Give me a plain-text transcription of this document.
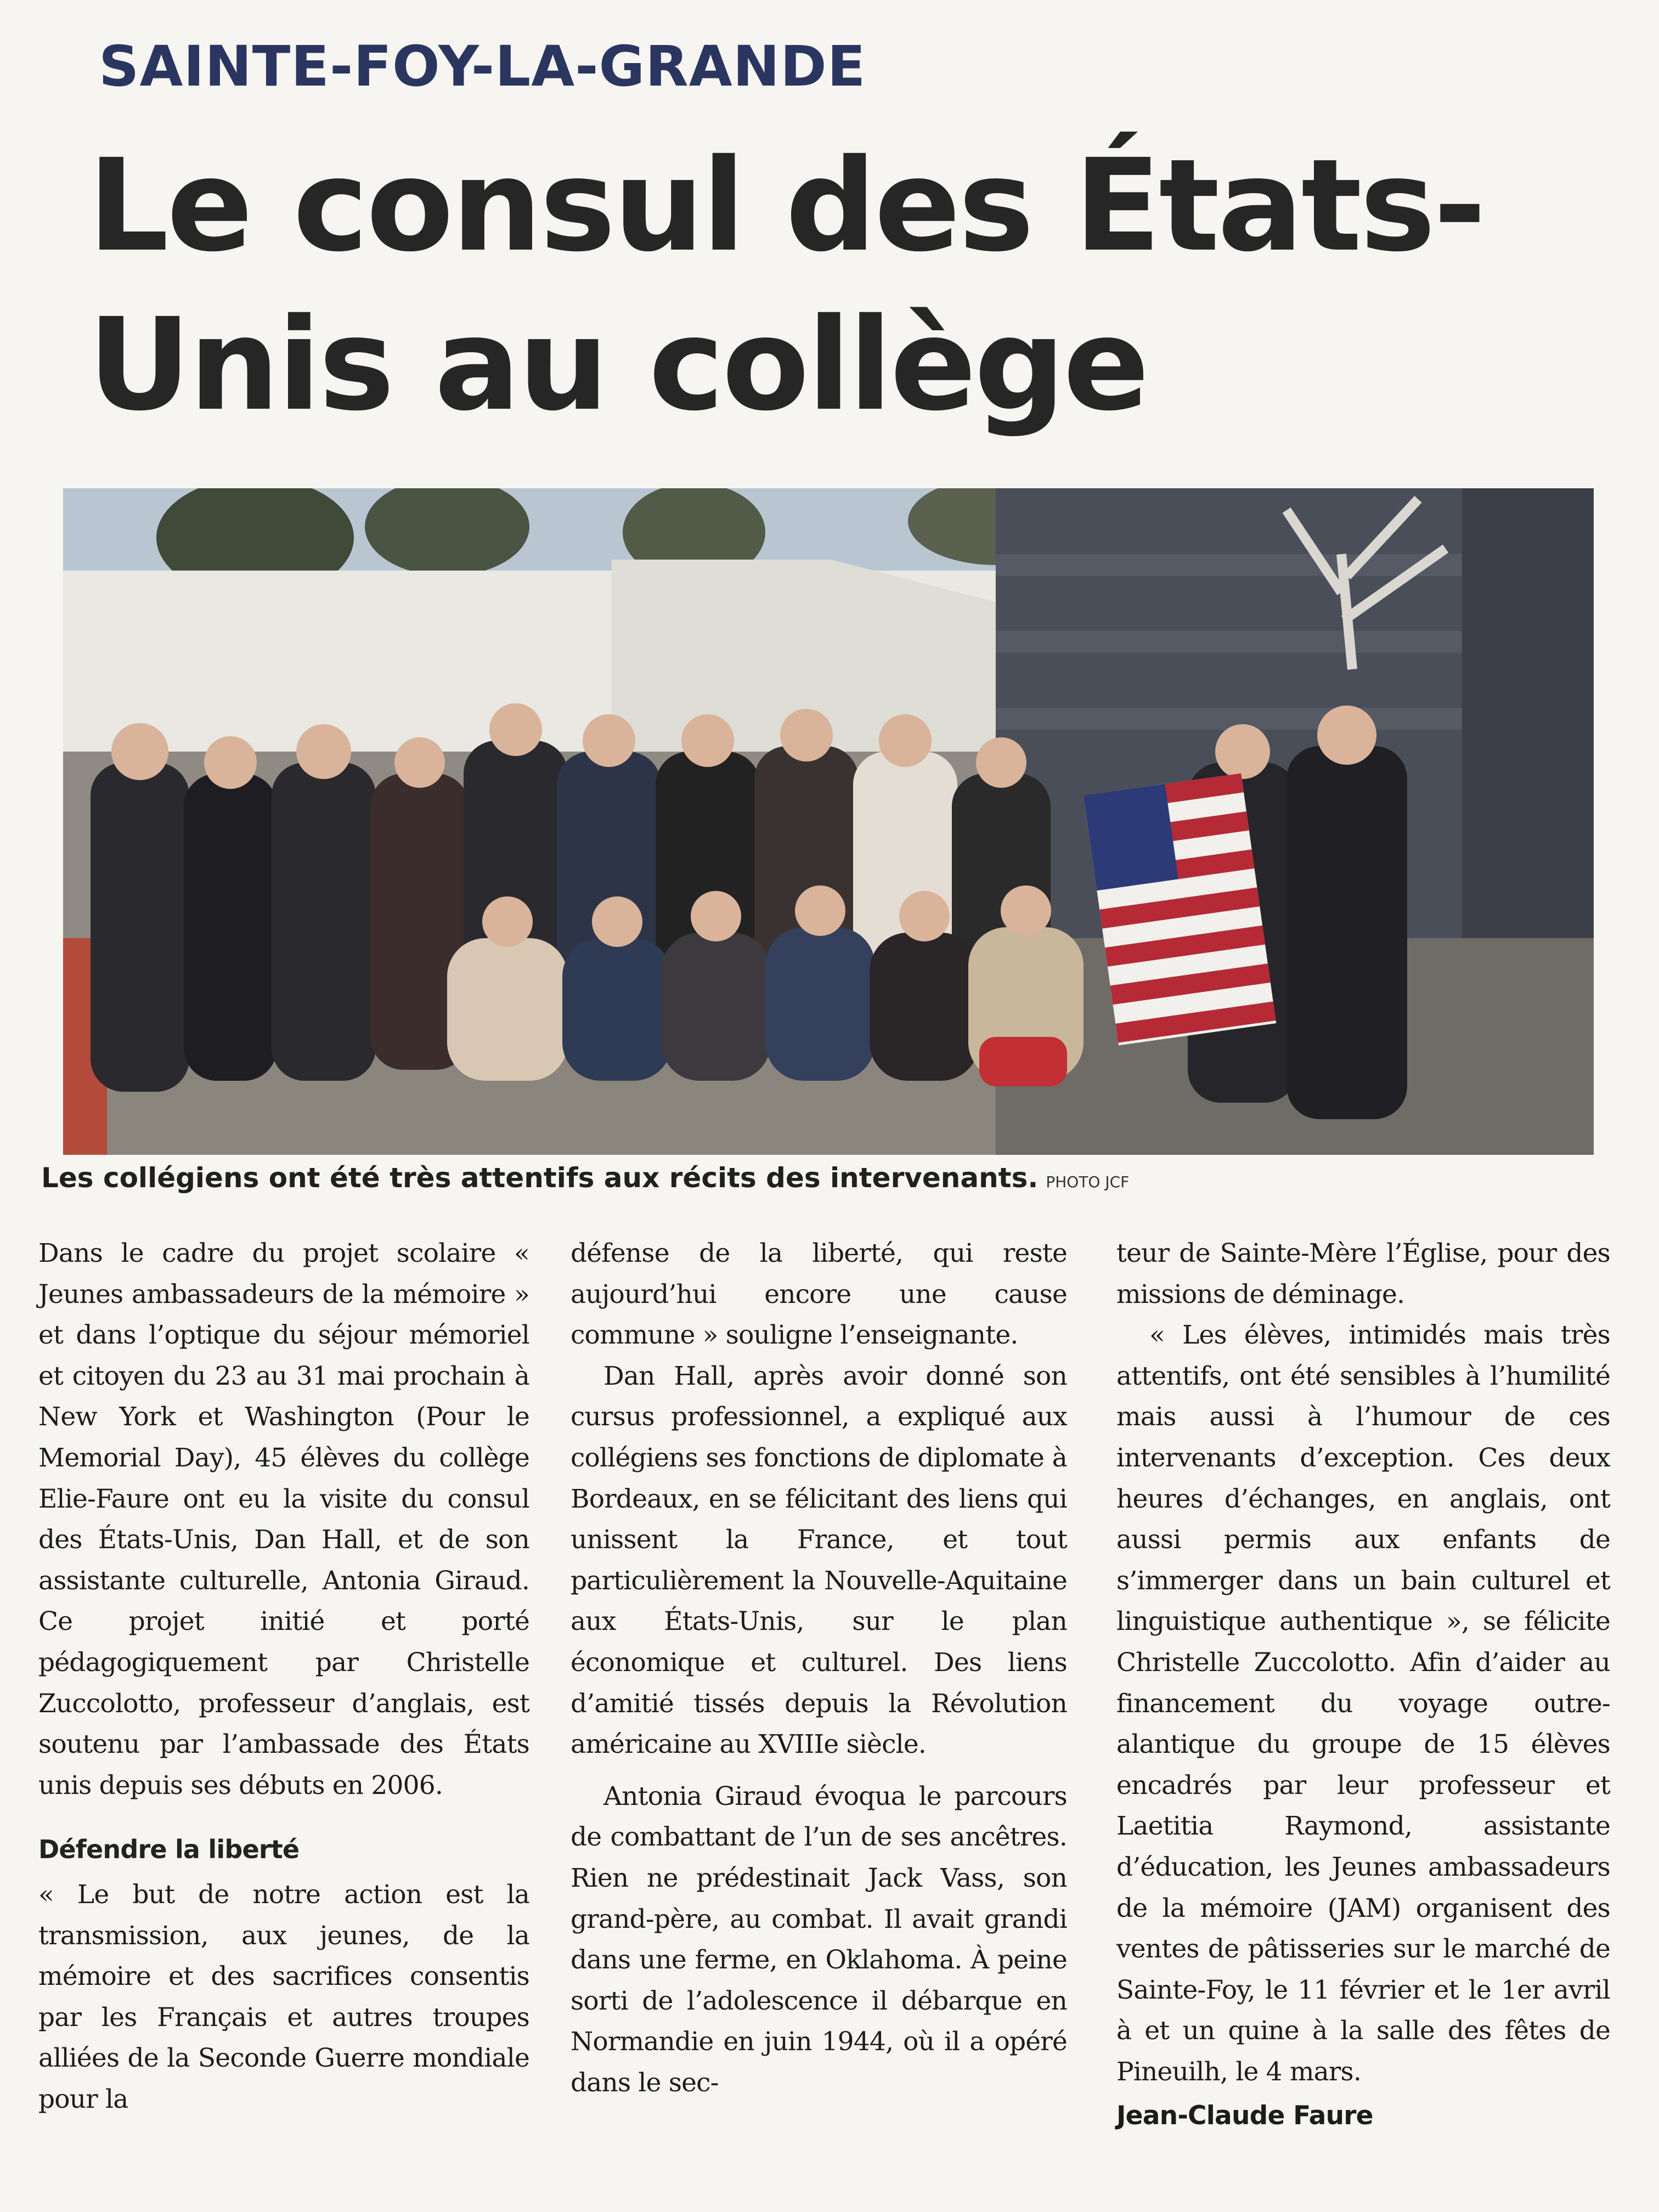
SAINTE-FOY-LA-GRANDE
Le consul des États-
Unis au collège
Les collégiens ont été très attentifs aux récits des intervenants. PHOTO JCF

Dans le cadre du projet scolaire « Jeunes ambassadeurs de la mémoire » et dans l’optique du séjour mémoriel et citoyen du 23 au 31 mai prochain à New York et Washington (Pour le Memorial Day), 45 élèves du collège Elie-Faure ont eu la visite du consul des États-Unis, Dan Hall, et de son assistante culturelle, Antonia Giraud. Ce projet initié et porté pédagogiquement par Christelle Zuccolotto, professeur d’anglais, est soutenu par l’ambassade des États unis depuis ses débuts en 2006.

Défendre la liberté

« Le but de notre action est la transmission, aux jeunes, de la mémoire et des sacrifices consentis par les Français et autres troupes alliées de la Seconde Guerre mondiale pour la

défense de la liberté, qui reste aujourd’hui encore une cause commune » souligne l’enseignante.

Dan Hall, après avoir donné son cursus professionnel, a expliqué aux collégiens ses fonctions de diplomate à Bordeaux, en se félicitant des liens qui unissent la France, et tout particulièrement la Nouvelle-Aquitaine aux États-Unis, sur le plan économique et culturel. Des liens d’amitié tissés depuis la Révolution américaine au XVIIIe siècle.

Antonia Giraud évoqua le parcours de combattant de l’un de ses ancêtres. Rien ne prédestinait Jack Vass, son grand-père, au combat. Il avait grandi dans une ferme, en Oklahoma. À peine sorti de l’adolescence il débarque en Normandie en juin 1944, où il a opéré dans le sec-

teur de Sainte-Mère l’Église, pour des missions de déminage.

« Les élèves, intimidés mais très attentifs, ont été sensibles à l’humilité mais aussi à l’humour de ces intervenants d’exception. Ces deux heures d’échanges, en anglais, ont aussi permis aux enfants de s’immerger dans un bain culturel et linguistique authentique », se félicite Christelle Zuccolotto. Afin d’aider au financement du voyage outre-alantique du groupe de 15 élèves encadrés par leur professeur et Laetitia Raymond, assistante d’éducation, les Jeunes ambassadeurs de la mémoire (JAM) organisent des ventes de pâtisseries sur le marché de Sainte-Foy, le 11 février et le 1er avril à et un quine à la salle des fêtes de Pineuilh, le 4 mars.

Jean-Claude Faure
